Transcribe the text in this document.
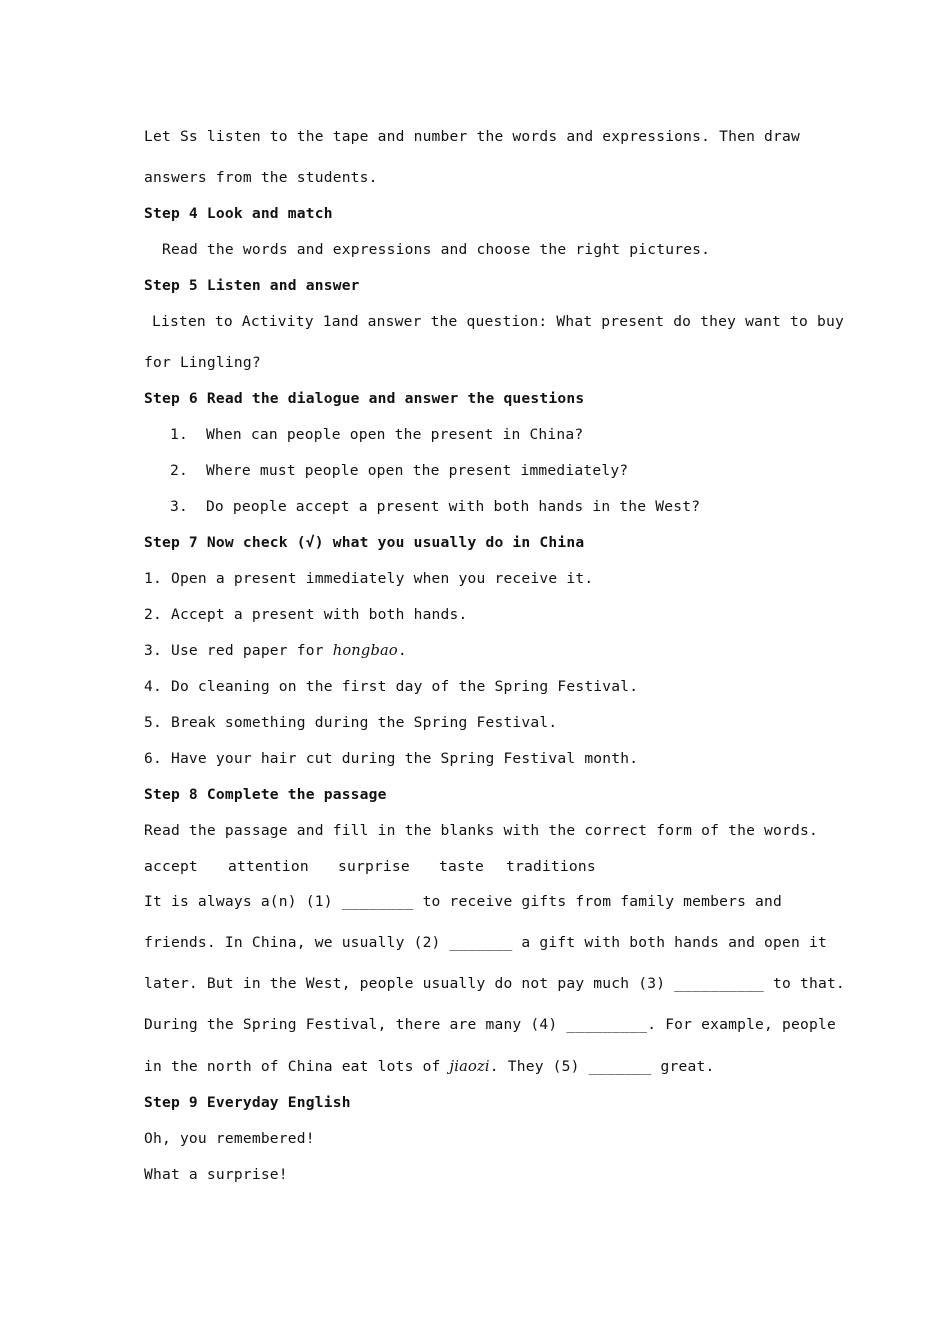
Let Ss listen to the tape and number the words and expressions. Then draw
answers from the students.
Step 4 Look and match
Read the words and expressions and choose the right pictures.
Step 5 Listen and answer
Listen to Activity 1and answer the question: What present do they want to buy
for Lingling?
Step 6 Read the dialogue and answer the questions
1.  When can people open the present in China?
2.  Where must people open the present immediately?
3.  Do people accept a present with both hands in the West?
Step 7 Now check (√) what you usually do in China
1. Open a present immediately when you receive it.
2. Accept a present with both hands.
3. Use red paper for hongbao.
4. Do cleaning on the first day of the Spring Festival.
5. Break something during the Spring Festival.
6. Have your hair cut during the Spring Festival month.
Step 8 Complete the passage
Read the passage and fill in the blanks with the correct form of the words.
accept attention surprise taste traditions
It is always a(n) (1) ________ to receive gifts from family members and
friends. In China, we usually (2) _______ a gift with both hands and open it
later. But in the West, people usually do not pay much (3) __________ to that.
During the Spring Festival, there are many (4) _________. For example, people
in the north of China eat lots of jiaozi. They (5) _______ great.
Step 9 Everyday English
Oh, you remembered!
What a surprise!
